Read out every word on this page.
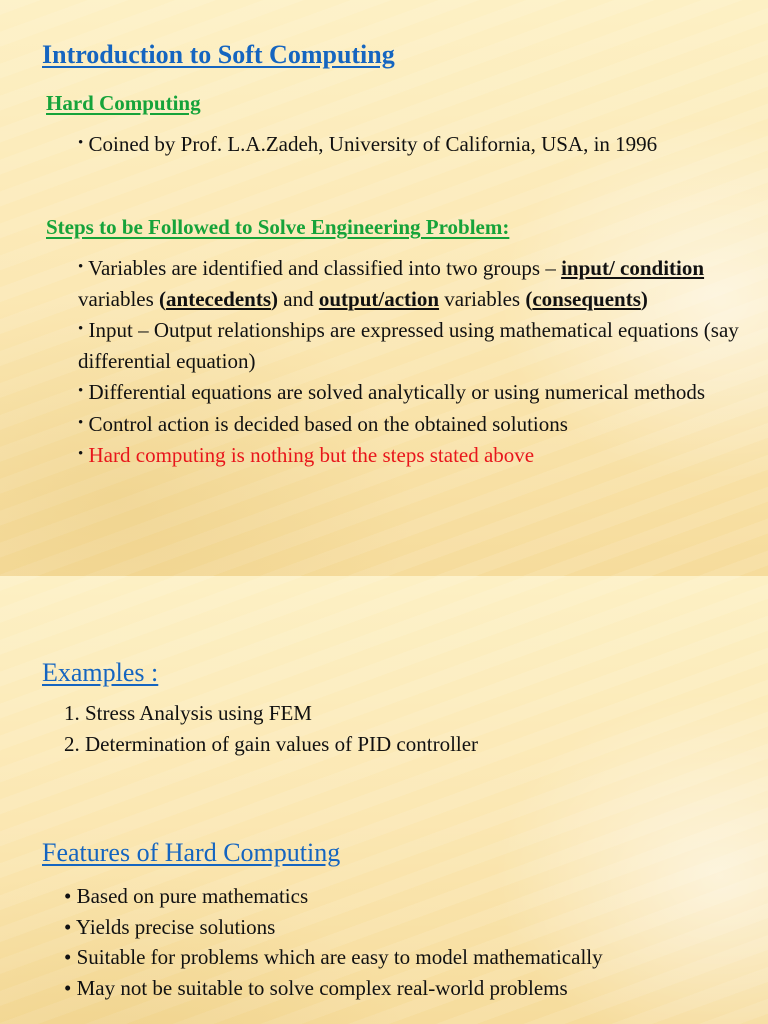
Introduction to Soft Computing
Hard Computing
• Coined by Prof. L.A.Zadeh, University of California, USA, in 1996
Steps to be Followed to Solve Engineering Problem:

• Variables are identified and classified into two groups – input/ condition variables (antecedents) and output/action variables (consequents)

• Input – Output relationships are expressed using mathematical equations (say differential equation)

• Differential equations are solved analytically or using numerical methods

• Control action is decided based on the obtained solutions

• Hard computing is nothing but the steps stated above

Examples :

1. Stress Analysis using FEM

2. Determination of gain values of PID controller

Features of Hard Computing

• Based on pure mathematics

• Yields precise solutions

• Suitable for problems which are easy to model mathematically

• May not be suitable to solve complex real-world problems
